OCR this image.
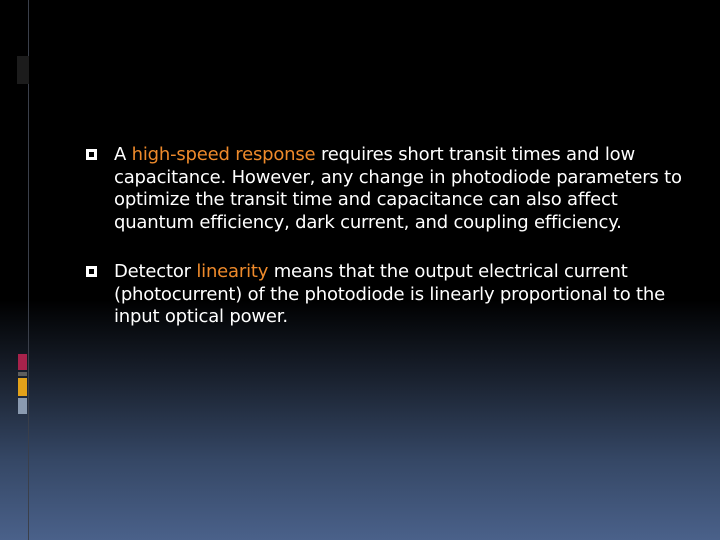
A high-speed response requires short transit times and low capacitance. However, any change in photodiode parameters to optimize the transit time and capacitance can also affect quantum efficiency, dark current, and coupling efficiency.
Detector linearity means that the output electrical current (photocurrent) of the photodiode is linearly proportional to the input optical power.
